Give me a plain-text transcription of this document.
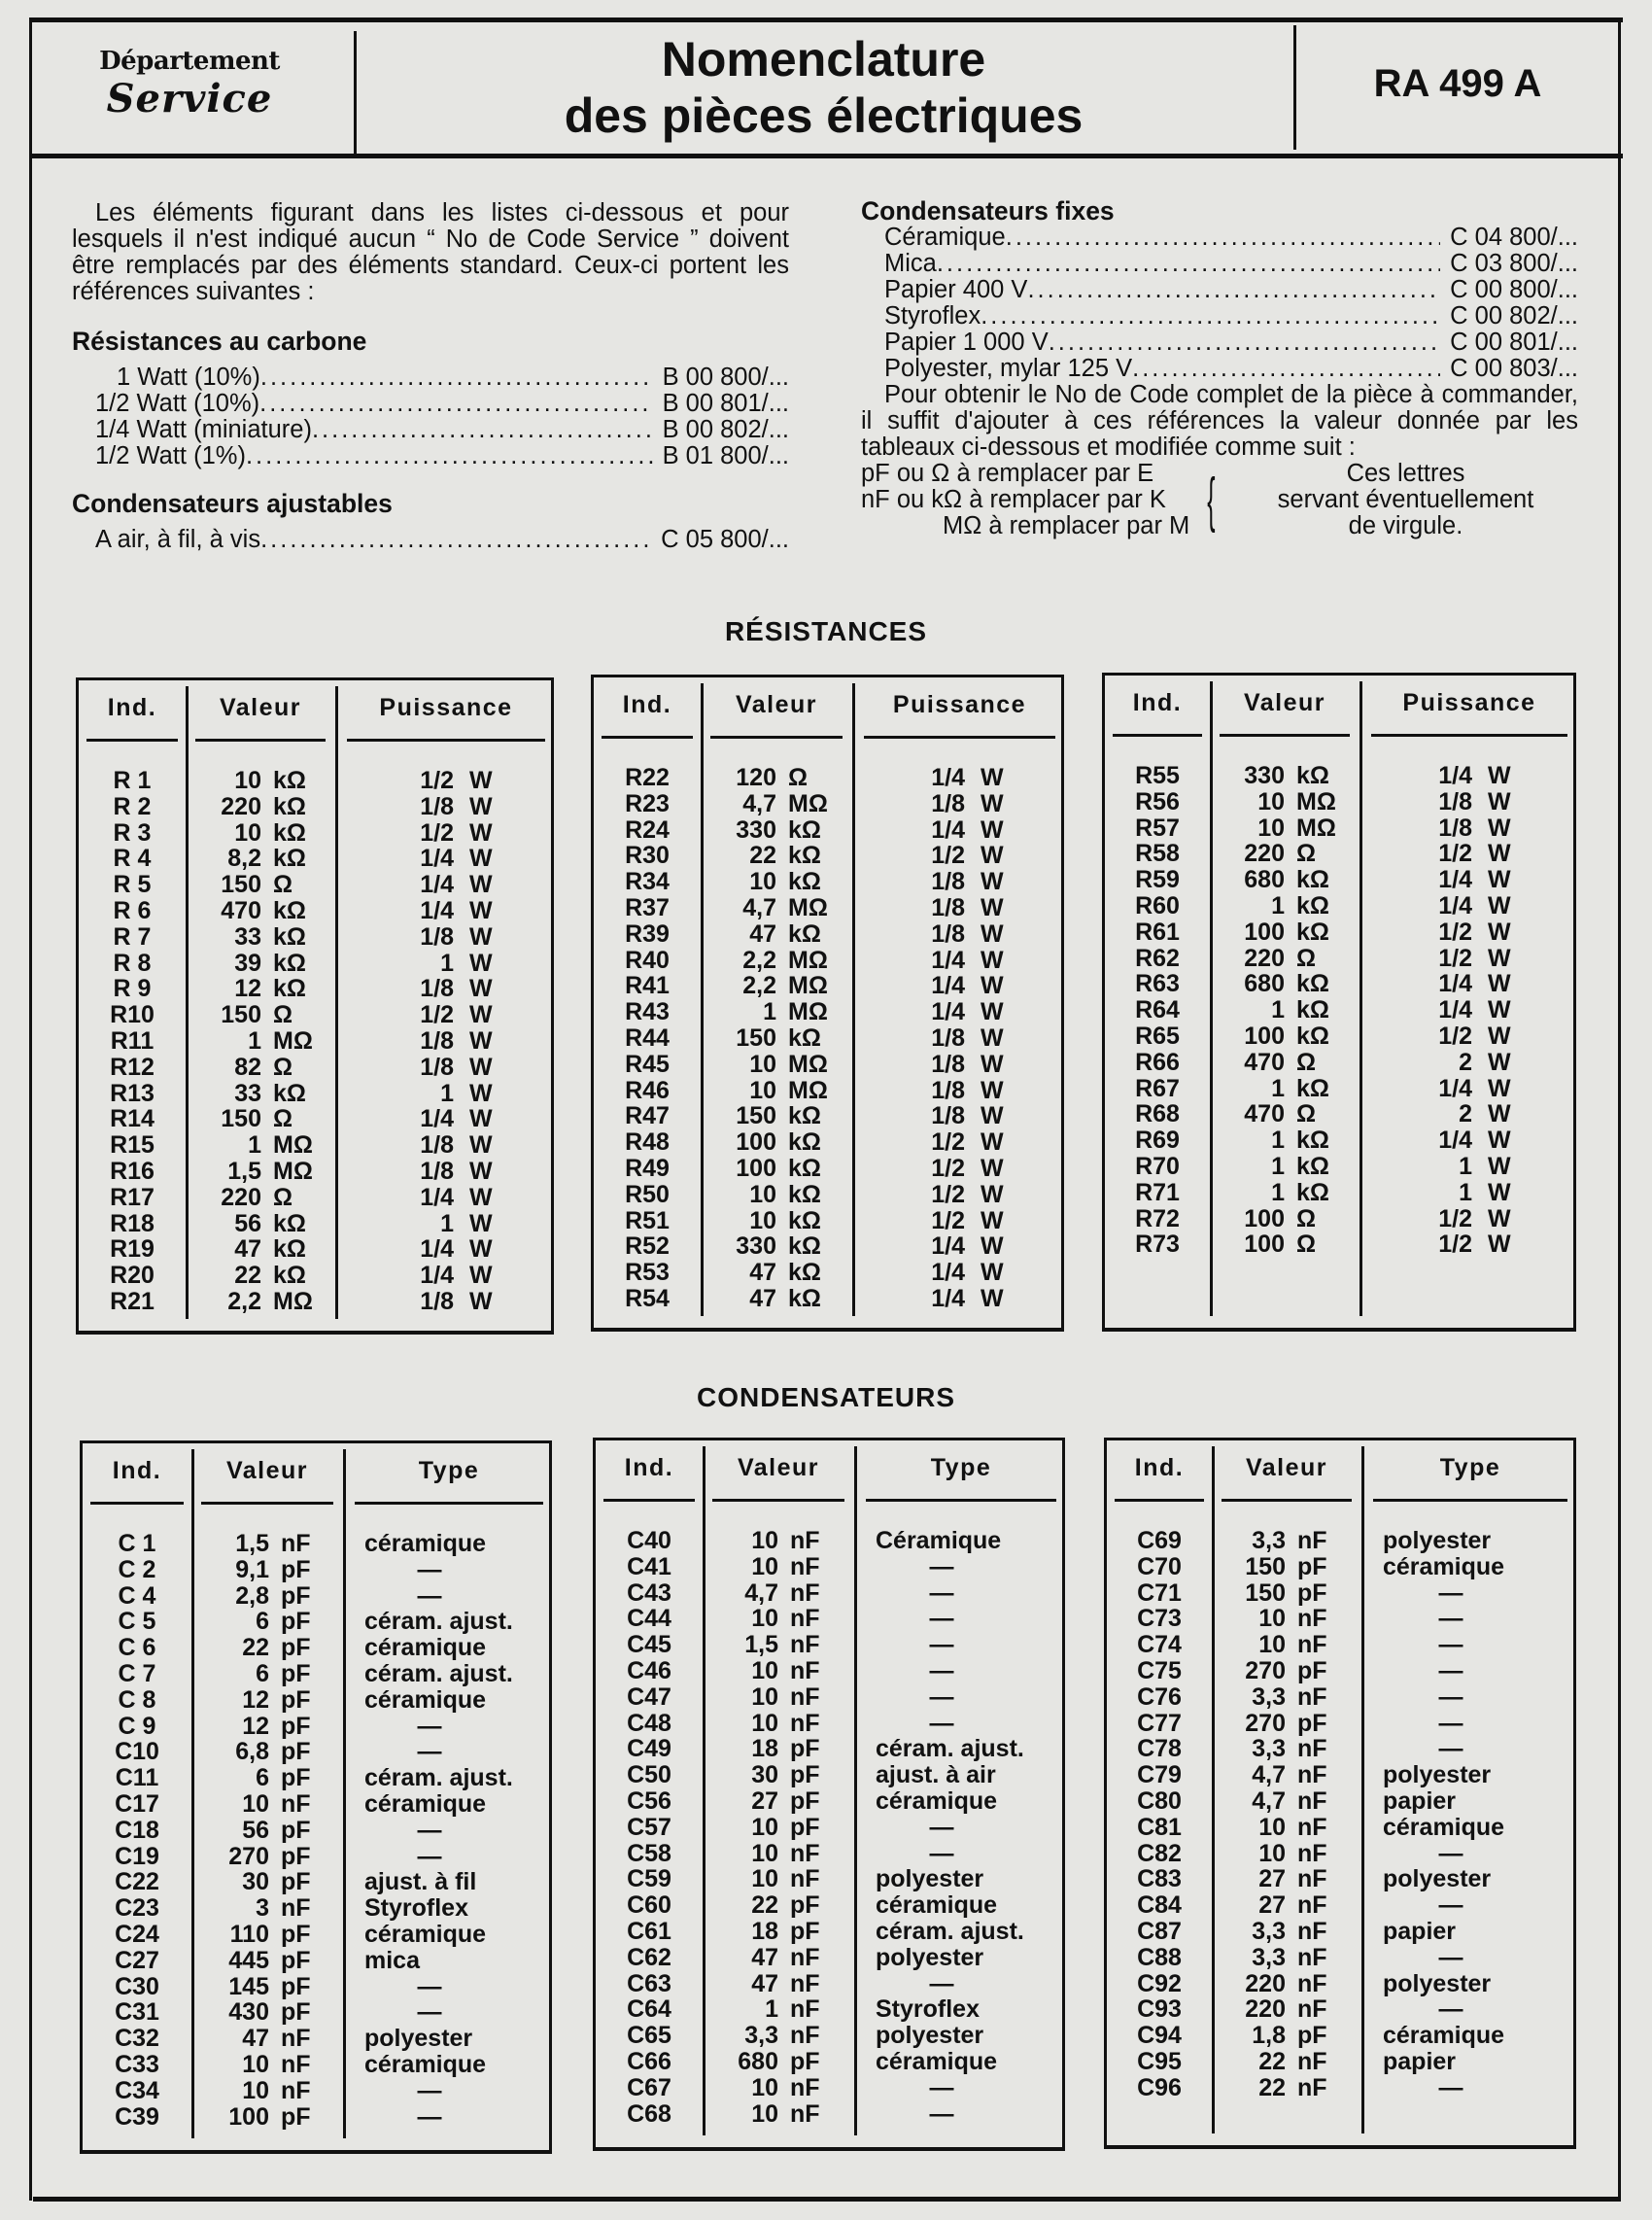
Département
Service
Nomenclature
des pièces électriques
RA 499 A

Les éléments figurant dans les listes ci-dessous et pour lesquels il n'est indiqué aucun “ No de Code Service ” doivent être remplacés par des éléments standard. Ceux-ci portent les références suivantes :

Résistances au carbone
1 Watt (10%) .....	B 00 800/...
1/2 Watt (10%) .....	B 00 801/...
1/4 Watt (miniature) .....	B 00 802/...
1/2 Watt (1%) .....	B 01 800/...
Condensateurs ajustables
A air, à fil, à vis .....	C 05 800/...
Condensateurs fixes
Céramique .....	C 04 800/...
Mica .....	C 03 800/...
Papier 400 V .....	C 00 800/...
Styroflex .....	C 00 802/...
Papier 1 000 V .....	C 00 801/...
Polyester, mylar 125 V .....	C 00 803/...

Pour obtenir le No de Code complet de la pièce à commander, il suffit d'ajouter à ces références la valeur donnée par les tableaux ci-dessous et modifiée comme suit :

pF ou Ω à remplacer par E
nF ou kΩ à remplacer par K
MΩ à remplacer par M {	Ces lettres
servant éventuellement
de virgule.
RÉSISTANCES
Ind.	Valeur	Puissance
R 1	10 kΩ	1/2 W
R 2	220 kΩ	1/8 W
R 3	10 kΩ	1/2 W
R 4	8,2 kΩ	1/4 W
R 5	150 Ω	1/4 W
R 6	470 kΩ	1/4 W
R 7	33 kΩ	1/8 W
R 8	39 kΩ	1 W
R 9	12 kΩ	1/8 W
R10	150 Ω	1/2 W
R11	1 MΩ	1/8 W
R12	82 Ω	1/8 W
R13	33 kΩ	1 W
R14	150 Ω	1/4 W
R15	1 MΩ	1/8 W
R16	1,5 MΩ	1/8 W
R17	220 Ω	1/4 W
R18	56 kΩ	1 W
R19	47 kΩ	1/4 W
R20	22 kΩ	1/4 W
R21	2,2 MΩ	1/8 W
Ind.	Valeur	Puissance
R22	120 Ω	1/4 W
R23	4,7 MΩ	1/8 W
R24	330 kΩ	1/4 W
R30	22 kΩ	1/2 W
R34	10 kΩ	1/8 W
R37	4,7 MΩ	1/8 W
R39	47 kΩ	1/8 W
R40	2,2 MΩ	1/4 W
R41	2,2 MΩ	1/4 W
R43	1 MΩ	1/4 W
R44	150 kΩ	1/8 W
R45	10 MΩ	1/8 W
R46	10 MΩ	1/8 W
R47	150 kΩ	1/8 W
R48	100 kΩ	1/2 W
R49	100 kΩ	1/2 W
R50	10 kΩ	1/2 W
R51	10 kΩ	1/2 W
R52	330 kΩ	1/4 W
R53	47 kΩ	1/4 W
R54	47 kΩ	1/4 W
Ind.	Valeur	Puissance
R55	330 kΩ	1/4 W
R56	10 MΩ	1/8 W
R57	10 MΩ	1/8 W
R58	220 Ω	1/2 W
R59	680 kΩ	1/4 W
R60	1 kΩ	1/4 W
R61	100 kΩ	1/2 W
R62	220 Ω	1/2 W
R63	680 kΩ	1/4 W
R64	1 kΩ	1/4 W
R65	100 kΩ	1/2 W
R66	470 Ω	2 W
R67	1 kΩ	1/4 W
R68	470 Ω	2 W
R69	1 kΩ	1/4 W
R70	1 kΩ	1 W
R71	1 kΩ	1 W
R72	100 Ω	1/2 W
R73	100 Ω	1/2 W
CONDENSATEURS
Ind.	Valeur	Type
C 1	1,5 nF	céramique
C 2	9,1 pF	—
C 4	2,8 pF	—
C 5	6 pF	céram. ajust.
C 6	22 pF	céramique
C 7	6 pF	céram. ajust.
C 8	12 pF	céramique
C 9	12 pF	—
C10	6,8 pF	—
C11	6 pF	céram. ajust.
C17	10 nF	céramique
C18	56 pF	—
C19	270 pF	—
C22	30 pF	ajust. à fil
C23	3 nF	Styroflex
C24	110 pF	céramique
C27	445 pF	mica
C30	145 pF	—
C31	430 pF	—
C32	47 nF	polyester
C33	10 nF	céramique
C34	10 nF	—
C39	100 pF	—
Ind.	Valeur	Type
C40	10 nF	Céramique
C41	10 nF	—
C43	4,7 nF	—
C44	10 nF	—
C45	1,5 nF	—
C46	10 nF	—
C47	10 nF	—
C48	10 nF	—
C49	18 pF	céram. ajust.
C50	30 pF	ajust. à air
C56	27 pF	céramique
C57	10 pF	—
C58	10 nF	—
C59	10 nF	polyester
C60	22 pF	céramique
C61	18 pF	céram. ajust.
C62	47 nF	polyester
C63	47 nF	—
C64	1 nF	Styroflex
C65	3,3 nF	polyester
C66	680 pF	céramique
C67	10 nF	—
C68	10 nF	—
Ind.	Valeur	Type
C69	3,3 nF	polyester
C70	150 pF	céramique
C71	150 pF	—
C73	10 nF	—
C74	10 nF	—
C75	270 pF	—
C76	3,3 nF	—
C77	270 pF	—
C78	3,3 nF	—
C79	4,7 nF	polyester
C80	4,7 nF	papier
C81	10 nF	céramique
C82	10 nF	—
C83	27 nF	polyester
C84	27 nF	—
C87	3,3 nF	papier
C88	3,3 nF	—
C92	220 nF	polyester
C93	220 nF	—
C94	1,8 pF	céramique
C95	22 nF	papier
C96	22 nF	—
